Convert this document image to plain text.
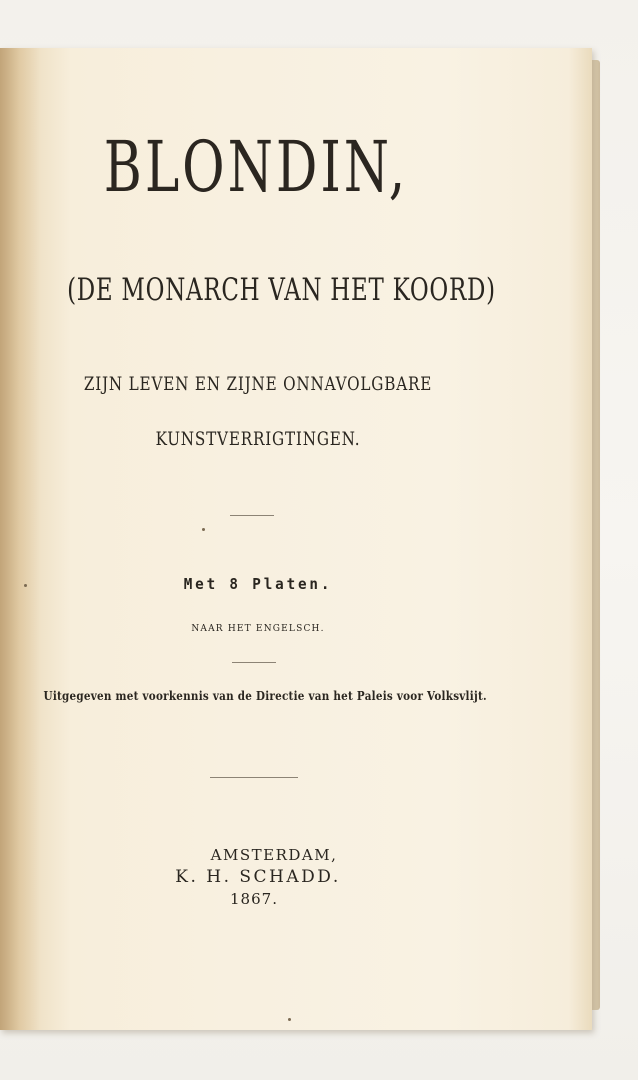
BLONDIN,
(DE MONARCH VAN HET KOORD)
ZIJN LEVEN EN ZIJNE ONNAVOLGBARE
KUNSTVERRIGTINGEN.
Met 8 Platen.
NAAR HET ENGELSCH.
Uitgegeven met voorkennis van de Directie van het Paleis voor Volksvlijt.
AMSTERDAM,
K. H. SCHADD.
1867.
